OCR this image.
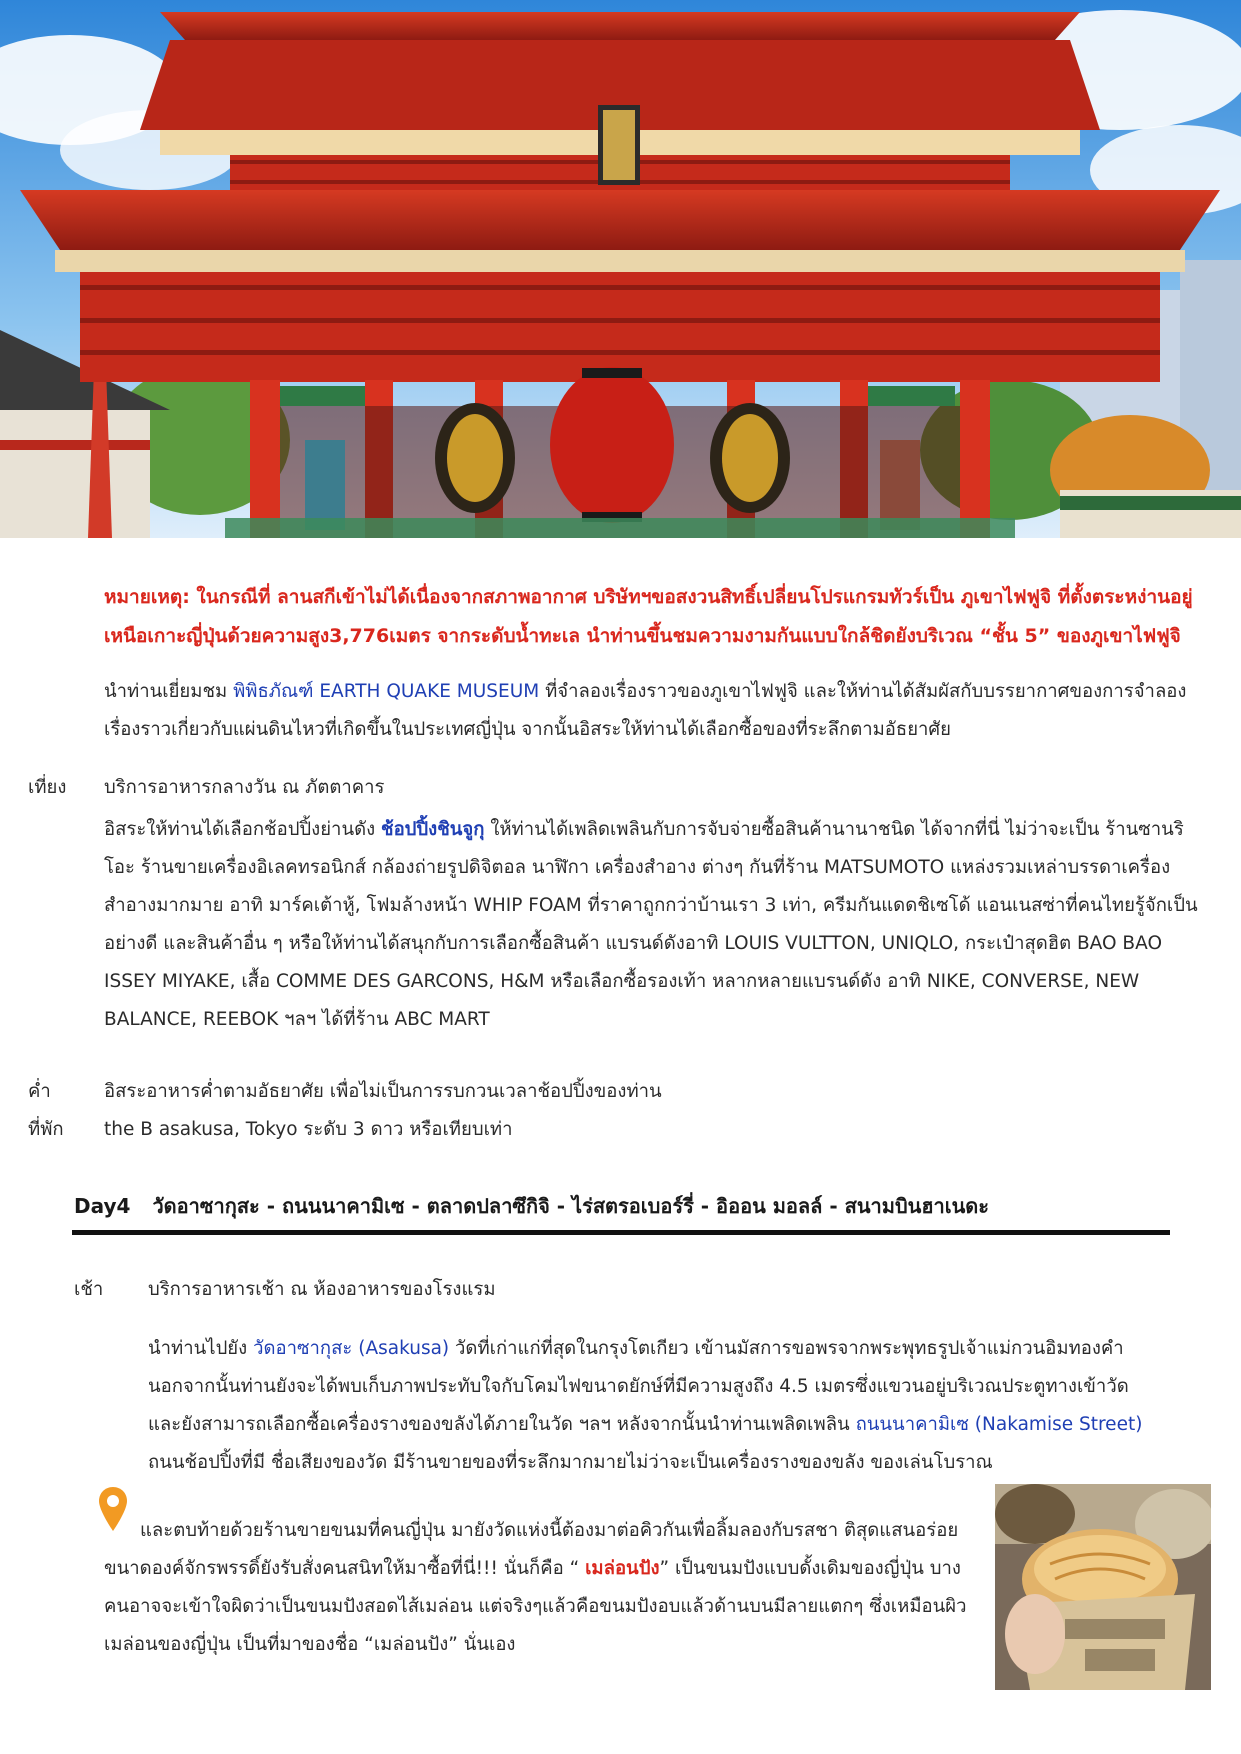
หมายเหตุ: ในกรณีที่ ลานสกีเข้าไม่ได้เนื่องจากสภาพอากาศ บริษัทฯขอสงวนสิทธิ์เปลี่ยนโปรแกรมทัวร์เป็น ภูเขาไฟฟูจิ ที่ตั้งตระหง่านอยู่เหนือเกาะญี่ปุ่นด้วยความสูง3,776เมตร จากระดับน้ำทะเล นำท่านขึ้นชมความงามกันแบบใกล้ชิดยังบริเวณ “ชั้น 5” ของภูเขาไฟฟูจิ
นำท่านเยี่ยมชม พิพิธภัณฑ์ EARTH QUAKE MUSEUM ที่จำลองเรื่องราวของภูเขาไฟฟูจิ และให้ท่านได้สัมผัสกับบรรยากาศของการจำลองเรื่องราวเกี่ยวกับแผ่นดินไหวที่เกิดขึ้นในประเทศญี่ปุ่น จากนั้นอิสระให้ท่านได้เลือกซื้อของที่ระลึกตามอัธยาศัย
เที่ยง บริการอาหารกลางวัน ณ ภัตตาคาร
อิสระให้ท่านได้เลือกช้อปปิ้งย่านดัง ช้อปปิ้งชินจูกุ ให้ท่านได้เพลิดเพลินกับการจับจ่ายซื้อสินค้านานาชนิด ได้จากที่นี่ ไม่ว่าจะเป็น ร้านซานริโอะ ร้านขายเครื่องอิเลคทรอนิกส์ กล้องถ่ายรูปดิจิตอล นาฬิกา เครื่องสำอาง ต่างๆ กันที่ร้าน MATSUMOTO แหล่งรวมเหล่าบรรดาเครื่องสำอางมากมาย อาทิ มาร์คเต้าหู้, โฟมล้างหน้า WHIP FOAM ที่ราคาถูกกว่าบ้านเรา 3 เท่า, ครีมกันแดดชิเซโด้ แอนเนสซ่าที่คนไทยรู้จักเป็นอย่างดี และสินค้าอื่น ๆ หรือให้ท่านได้สนุกกับการเลือกซื้อสินค้า แบรนด์ดังอาทิ LOUIS VULTTON, UNIQLO, กระเป๋าสุดฮิต BAO BAO ISSEY MIYAKE, เสื้อ COMME DES GARCONS, H&M หรือเลือกซื้อรองเท้า หลากหลายแบรนด์ดัง อาทิ NIKE, CONVERSE, NEW BALANCE, REEBOK ฯลฯ ได้ที่ร้าน ABC MART
ค่ำ	อิสระอาหารค่ำตามอัธยาศัย เพื่อไม่เป็นการรบกวนเวลาช้อปปิ้งของท่าน
ที่พัก the B asakusa, Tokyo ระดับ 3 ดาว หรือเทียบเท่า
Day4 วัดอาซากุสะ - ถนนนาคามิเซ - ตลาดปลาซึกิจิ - ไร่สตรอเบอร์รี่ - อิออน มอลล์ - สนามบินฮาเนดะ
เช้า บริการอาหารเช้า ณ ห้องอาหารของโรงแรม
นำท่านไปยัง วัดอาซากุสะ (Asakusa) วัดที่เก่าแก่ที่สุดในกรุงโตเกียว เข้านมัสการขอพรจากพระพุทธรูปเจ้าแม่กวนอิมทองคำ นอกจากนั้นท่านยังจะได้พบเก็บภาพประทับใจกับโคมไฟขนาดยักษ์ที่มีความสูงถึง 4.5 เมตรซึ่งแขวนอยู่บริเวณประตูทางเข้าวัด และยังสามารถเลือกซื้อเครื่องรางของขลังได้ภายในวัด ฯลฯ หลังจากนั้นนำท่านเพลิดเพลิน ถนนนาคามิเซ (Nakamise Street) ถนนช้อปปิ้งที่มี ชื่อเสียงของวัด มีร้านขายของที่ระลึกมากมายไม่ว่าจะเป็นเครื่องรางของขลัง ของเล่นโบราณ
และตบท้ายด้วยร้านขายขนมที่คนญี่ปุ่น มายังวัดแห่งนี้ต้องมาต่อคิวกันเพื่อลิ้มลองกับรสชา ติสุดแสนอร่อย ขนาดองค์จักรพรรดิ์ยังรับสั่งคนสนิทให้มาซื้อที่นี่!!! นั่นก็คือ “ เมล่อนปัง” เป็นขนมปังแบบดั้งเดิมของญี่ปุ่น บางคนอาจจะเข้าใจผิดว่าเป็นขนมปังสอดไส้เมล่อน แต่จริงๆแล้วคือขนมปังอบแล้วด้านบนมีลายแตกๆ ซึ่งเหมือนผิวเมล่อนของญี่ปุ่น เป็นที่มาของชื่อ “เมล่อนปัง” นั่นเอง
